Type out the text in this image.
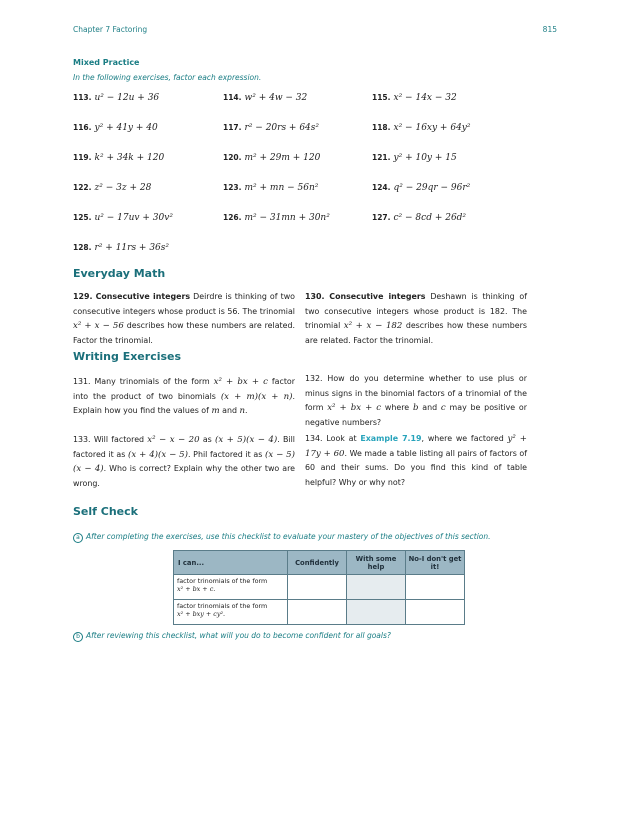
Chapter 7 Factoring	815
Mixed Practice
In the following exercises, factor each expression.
113. u² − 12u + 36	114. w² + 4w − 32	115. x² − 14x − 32
116. y² + 41y + 40	117. r² − 20rs + 64s²	118. x² − 16xy + 64y²
119. k² + 34k + 120	120. m² + 29m + 120	121. y² + 10y + 15
122. z² − 3z + 28	123. m² + mn − 56n²	124. q² − 29qr − 96r²
125. u² − 17uv + 30v²	126. m² − 31mn + 30n²	127. c² − 8cd + 26d²
128. r² + 11rs + 36s²
Everyday Math
129. Consecutive integers Deirdre is thinking of two consecutive integers whose product is 56. The trinomial x² + x − 56 describes how these numbers are related. Factor the trinomial.
130. Consecutive integers Deshawn is thinking of two consecutive integers whose product is 182. The trinomial x² + x − 182 describes how these numbers are related. Factor the trinomial.
Writing Exercises
131. Many trinomials of the form x² + bx + c factor into the product of two binomials (x + m)(x + n). Explain how you find the values of m and n.
132. How do you determine whether to use plus or minus signs in the binomial factors of a trinomial of the form x² + bx + c where b and c may be positive or negative numbers?
133. Will factored x² − x − 20 as (x + 5)(x − 4). Bill factored it as (x + 4)(x − 5). Phil factored it as (x − 5)(x − 4). Who is correct? Explain why the other two are wrong.
134. Look at Example 7.19, where we factored y² + 17y + 60. We made a table listing all pairs of factors of 60 and their sums. Do you find this kind of table helpful? Why or why not?
Self Check
a After completing the exercises, use this checklist to evaluate your mastery of the objectives of this section.
I can...	Confidently	With some help	No-I don't get it!
factor trinomials of the form
x² + bx + c.			
factor trinomials of the form
x² + bxy + cy².			
b After reviewing this checklist, what will you do to become confident for all goals?
